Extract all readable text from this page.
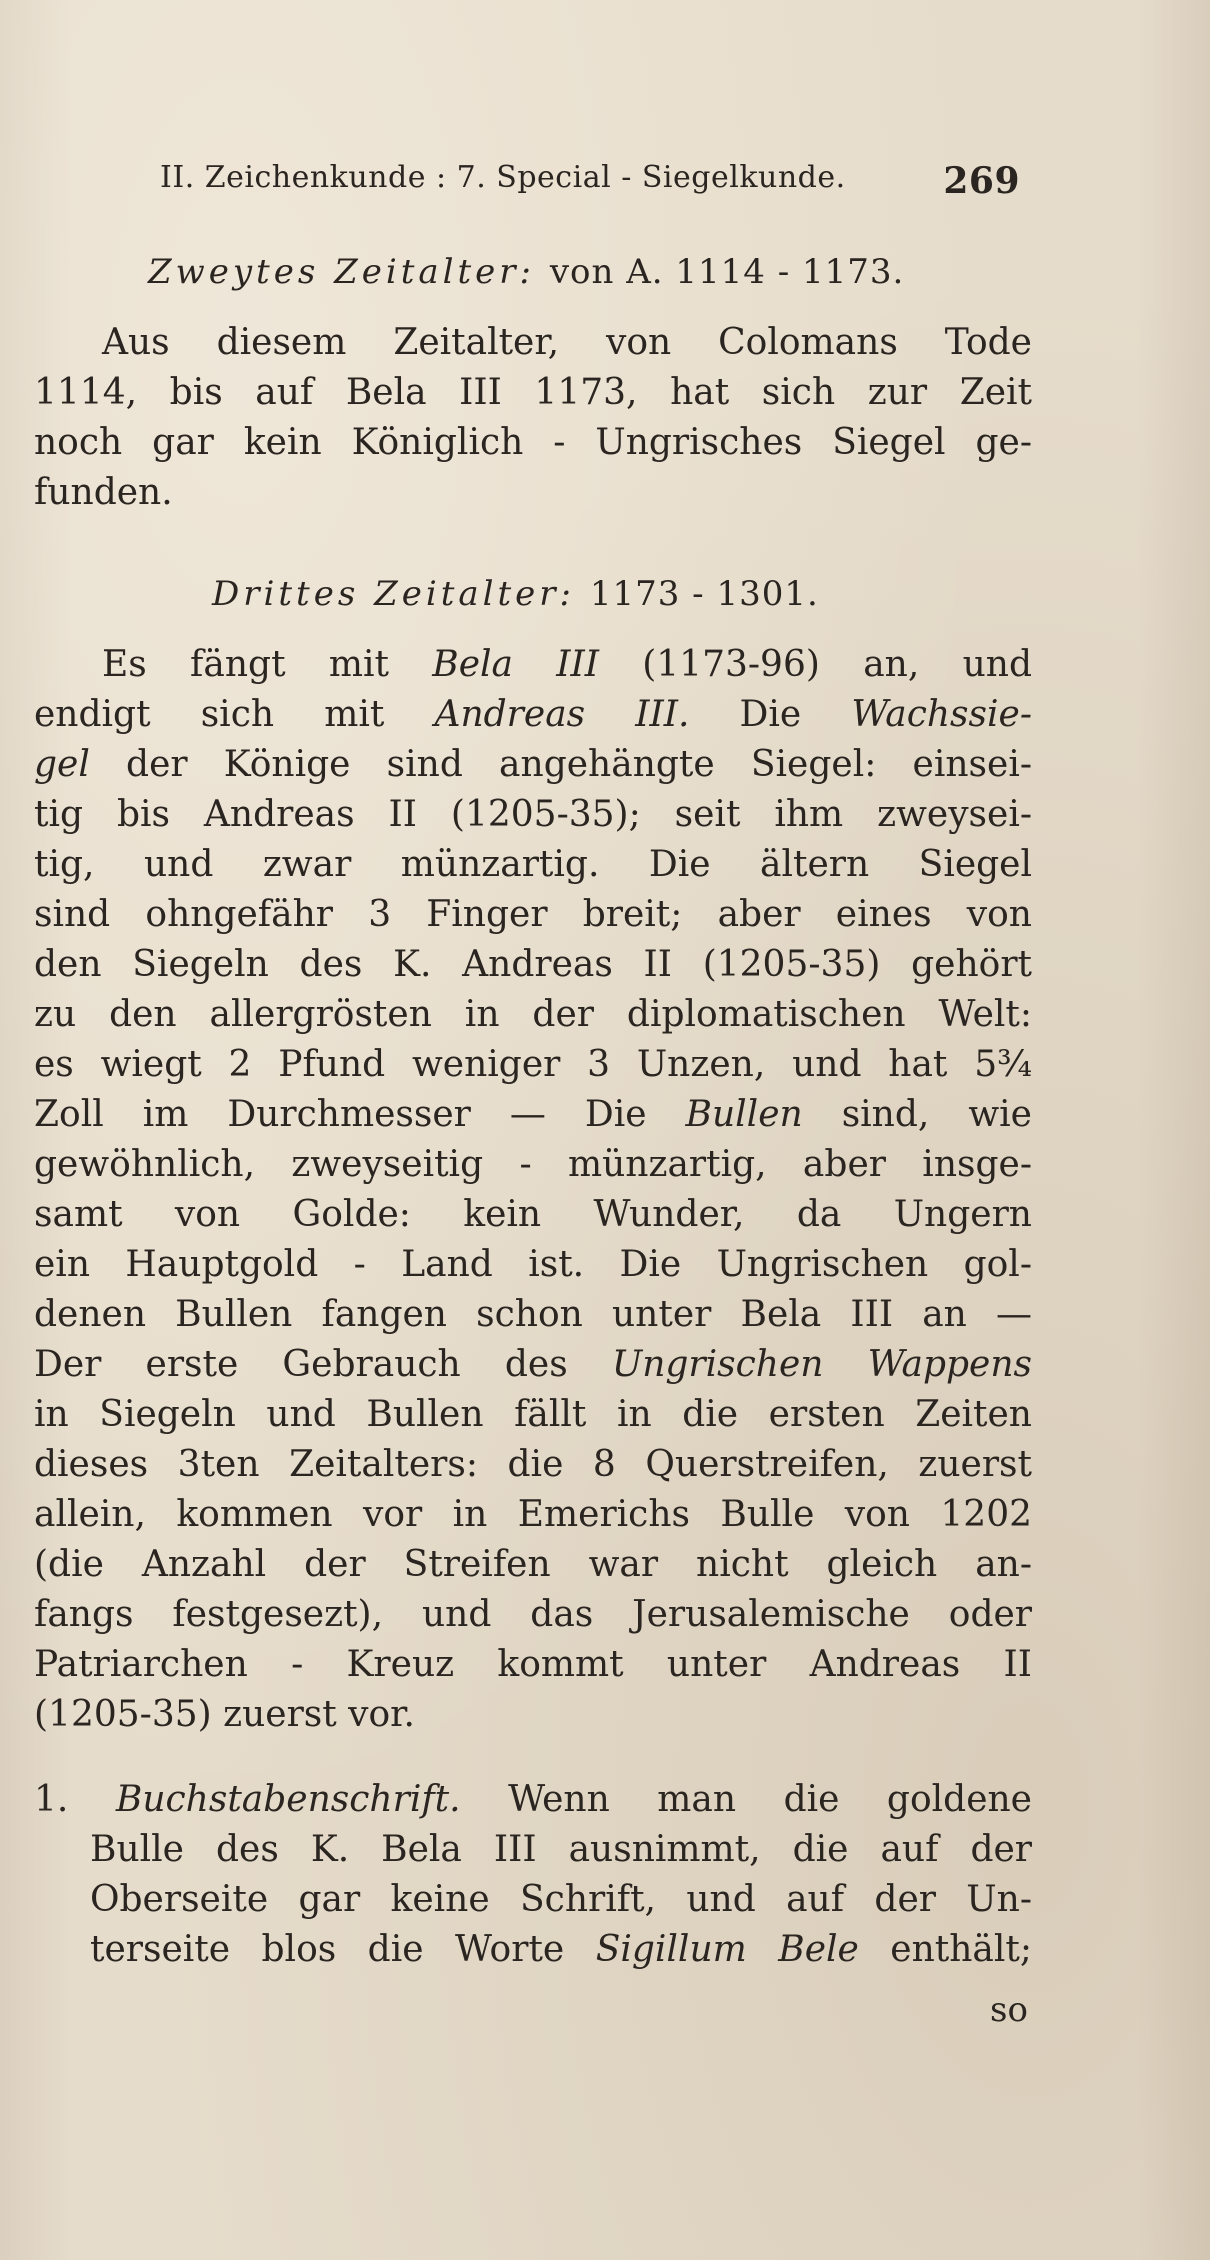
II. Zeichenkunde : 7. Special - Siegelkunde.	269
Zweytes Zeitalter: von A. 1114 - 1173.
Aus diesem Zeitalter, von Colomans Tode
1114, bis auf Bela III 1173, hat sich zur Zeit
noch gar kein Königlich - Ungrisches Siegel ge-
funden.
Drittes Zeitalter: 1173 - 1301.
Es fängt mit Bela III (1173-96) an, und
endigt sich mit Andreas III. Die Wachssie-
gel der Könige sind angehängte Siegel: einsei-
tig bis Andreas II (1205-35); seit ihm zweysei-
tig, und zwar münzartig. Die ältern Siegel
sind ohngefähr 3 Finger breit; aber eines von
den Siegeln des K. Andreas II (1205-35) gehört
zu den allergrösten in der diplomatischen Welt:
es wiegt 2 Pfund weniger 3 Unzen, und hat 5¾
Zoll im Durchmesser — Die Bullen sind, wie
gewöhnlich, zweyseitig - münzartig, aber insge-
samt von Golde: kein Wunder, da Ungern
ein Hauptgold - Land ist. Die Ungrischen gol-
denen Bullen fangen schon unter Bela III an —
Der erste Gebrauch des Ungrischen Wappens
in Siegeln und Bullen fällt in die ersten Zeiten
dieses 3ten Zeitalters: die 8 Querstreifen, zuerst
allein, kommen vor in Emerichs Bulle von 1202
(die Anzahl der Streifen war nicht gleich an-
fangs festgesezt), und das Jerusalemische oder
Patriarchen - Kreuz kommt unter Andreas II
(1205-35) zuerst vor.
1. Buchstabenschrift. Wenn man die goldene
Bulle des K. Bela III ausnimmt, die auf der
Oberseite gar keine Schrift, und auf der Un-
terseite blos die Worte Sigillum Bele enthält;
so
